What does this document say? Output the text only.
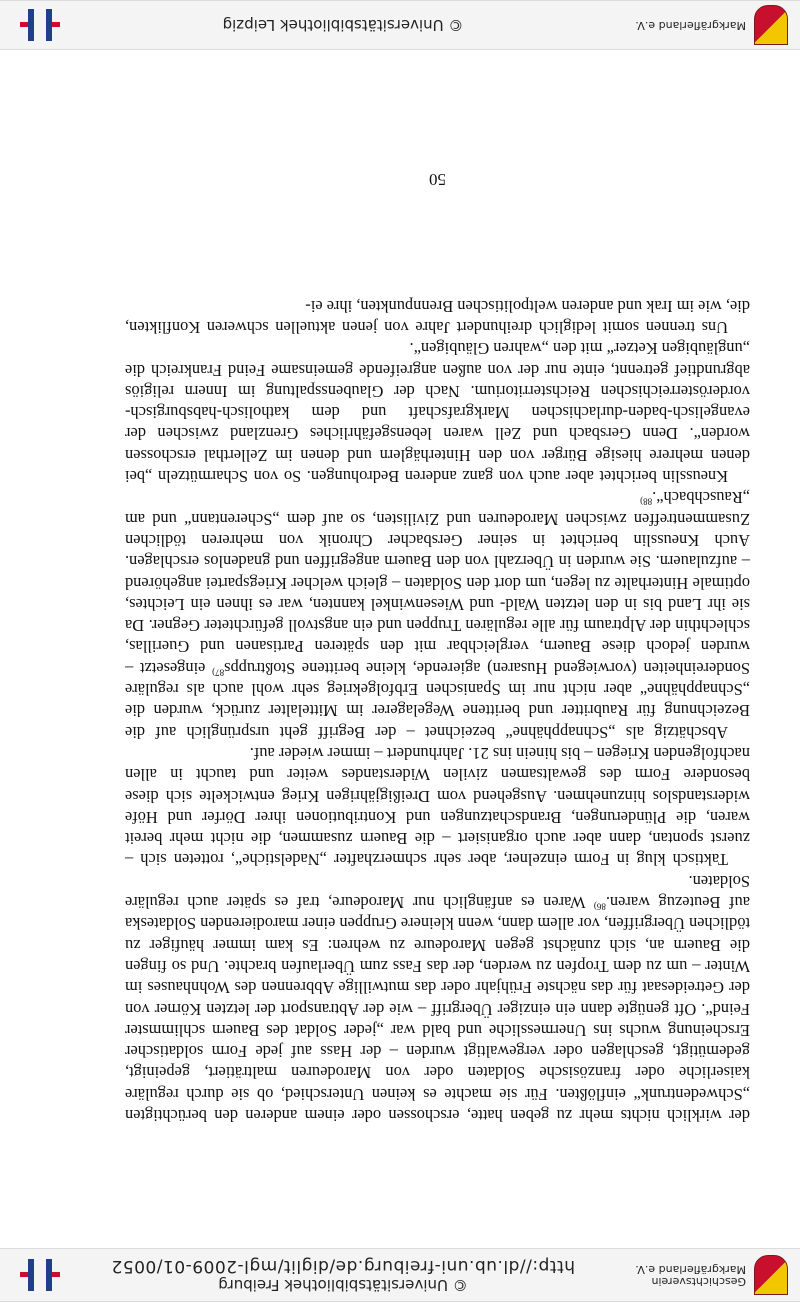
Geschichtsverein
Markgräflerland e.V.
© Universitätsbibliothek Freiburg
http://dl.ub.uni-freiburg.de/diglit/mgl-2009-01/0052

der wirklich nichts mehr zu geben hatte, erschossen oder einem anderen den berüchtigten „Schwedentrunk“ einflößten. Für sie machte es keinen Unterschied, ob sie durch reguläre kaiserliche oder französische Soldaten oder von Marodeuren malträtiert, gepeinigt, gedemütigt, geschlagen oder vergewaltigt wurden – der Hass auf jede Form soldatischer Erscheinung wuchs ins Unermessliche und bald war „jeder Soldat des Bauern schlimmster Feind“. Oft genügte dann ein einziger Übergriff – wie der Abtransport der letzten Körner von der Getreidesaat für das nächste Frühjahr oder das mutwillige Abbrennen des Wohnhauses im Winter – um zu dem Tropfen zu werden, der das Fass zum Überlaufen brachte. Und so fingen die Bauern an, sich zunächst gegen Marodeure zu wehren: Es kam immer häufiger zu tödlichen Übergriffen, vor allem dann, wenn kleinere Gruppen einer marodierenden Soldateska auf Beutezug waren.$^{86)}$ Waren es anfänglich nur Marodeure, traf es später auch reguläre Soldaten.

Taktisch klug in Form einzelner, aber sehr schmerzhafter „Nadelstiche“, rotteten sich – zuerst spontan, dann aber auch organisiert – die Bauern zusammen, die nicht mehr bereit waren, die Plünderungen, Brandschatzungen und Kontributionen ihrer Dörfer und Höfe widerstandslos hinzunehmen. Ausgehend vom Dreißigjährigen Krieg entwickelte sich diese besondere Form des gewaltsamen zivilen Widerstandes weiter und taucht in allen nachfolgenden Kriegen – bis hinein ins 21. Jahrhundert – immer wieder auf.

Abschätzig als „Schnapphähne“ bezeichnet – der Begriff geht ursprünglich auf die Bezeichnung für Raubritter und berittene Wegelagerer im Mittelalter zurück, wurden die „Schnapphähne“ aber nicht nur im Spanischen Erbfolgekrieg sehr wohl auch als reguläre Sondereinheiten (vorwiegend Husaren) agierende, kleine berittene Stoßtrupps$^{87)}$ eingesetzt – wurden jedoch diese Bauern, vergleichbar mit den späteren Partisanen und Guerillas, schlechthin der Alptraum für alle regulären Truppen und ein angstvoll gefürchteter Gegner. Da sie ihr Land bis in den letzten Wald- und Wiesenwinkel kannten, war es ihnen ein Leichtes, optimale Hinterhalte zu legen, um dort den Soldaten – gleich welcher Kriegspartei angehörend – aufzulauern. Sie wurden in Überzahl von den Bauern angegriffen und gnadenlos erschlagen. Auch Kneusslin berichtet in seiner Gersbacher Chronik von mehreren tödlichen Zusammentreffen zwischen Marodeuren und Zivilisten, so auf dem „Scherentann“ und am „Rauschbach“.$^{88)}$

Kneusslin berichtet aber auch von ganz anderen Bedrohungen. So von Scharmützeln „bei denen mehrere hiesige Bürger von den Hinterhäglern und denen im Zellerthal erschossen worden“. Denn Gersbach und Zell waren lebensgefährliches Grenzland zwischen der evangelisch-baden-durlachischen Markgrafschaft und dem katholisch-habsburgisch-vorderösterreichischen Reichsterritorium. Nach der Glaubensspaltung im Innern religiös abgrundtief getrennt, einte nur der von außen angreifende gemeinsame Feind Frankreich die „ungläubigen Ketzer“ mit den „wahren Gläubigen“.

Uns trennen somit lediglich dreihundert Jahre von jenen aktuellen schweren Konflikten, die, wie im Irak und anderen weltpolitischen Brennpunkten, ihre ei-

50
Markgräflerland e.V.
© Universitätsbibliothek Leipzig
